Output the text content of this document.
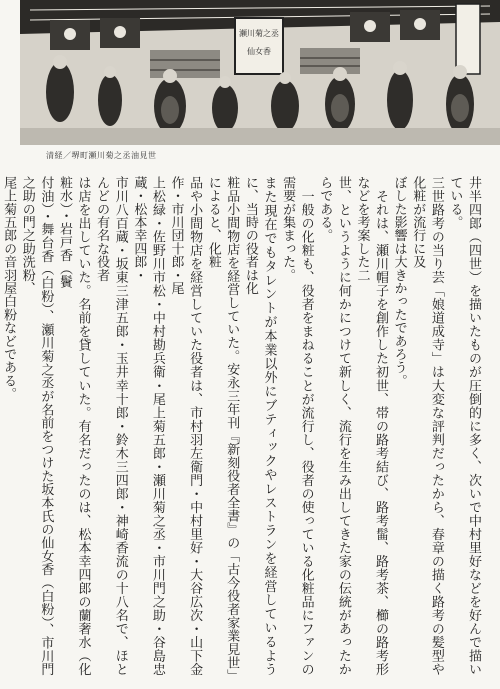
瀬川菊之丞
仙女香
清経／堺町瀬川菊之丞油見世
井半四郎（四世）を描いたものが圧倒的に多く、次いで中村里好などを好んで描いている。
三世路考の当り芸「娘道成寺」は大変な評判だったから、春章の描く路考の髪型や化粧が流行に及
ぼした影響は大きかったであろう。
　それは、瀬川帽子を創作した初世、帯の路考結び、路考髷、路考茶、櫛の路考形などを考案した二
世、というように何かにつけて新しく、流行を生み出してきた家の伝統があったからである。
　一般の化粧も、役者をまねることが流行し、役者の使っている化粧品にファンの需要が集まった。
また現在でもタレントが本業以外にブティックやレストランを経営しているように、当時の役者は化
粧品小間物店を経営していた。安永三年刊『新刻役者全書』の「古今役者家業見世」によると、化粧
品や小間物店を経営していた役者は、市村羽左衛門・中村里好・大谷広次・山下金作・市川団十郎・尾
上松緑・佐野川市松・中村勘兵衛・尾上菊五郎・瀬川菊之丞・市川門之助・谷島忠蔵・松本幸四郎・
市川八百蔵・坂東三津五郎・玉井幸十郎・鈴木三四郎・神崎香流の十八名で、ほとんどの有名な役者
は店を出していた。名前を貸していた。有名だったのは、松本幸四郎の蘭奢水（化粧水）・岩戸香（鬢
付油）・舞台香（白粉）、瀬川菊之丞が名前をつけた坂本氏の仙女香（白粉）、市川門之助の門之助洗粉、
尾上菊五郎の音羽屋白粉などである。
